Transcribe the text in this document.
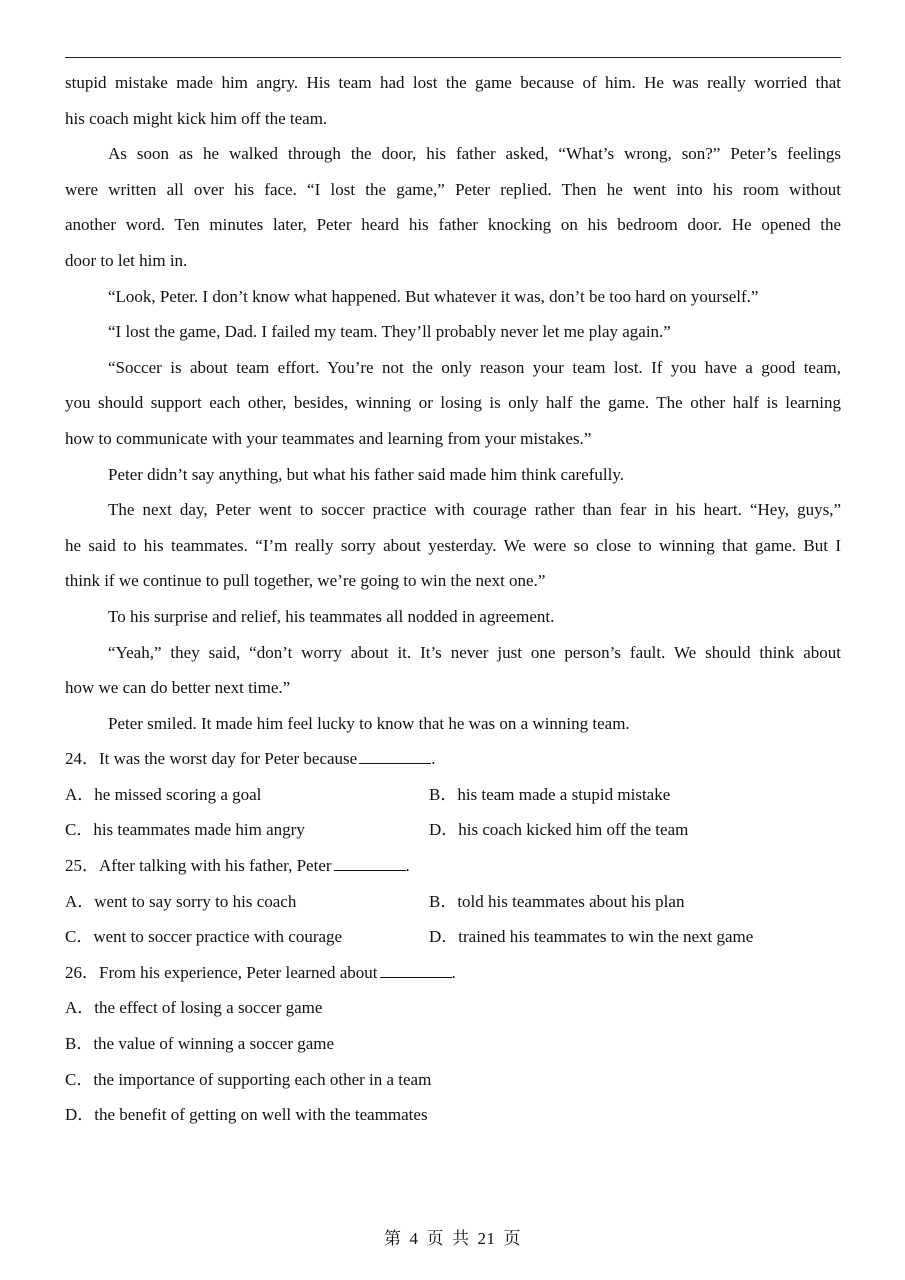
stupid mistake made him angry. His team had lost the game because of him. He was really worried that
his coach might kick him off the team.
As soon as he walked through the door, his father asked, “What’s wrong, son?” Peter’s feelings
were written all over his face. “I lost the game,” Peter replied. Then he went into his room without
another word. Ten minutes later, Peter heard his father knocking on his bedroom door. He opened the
door to let him in.
“Look, Peter. I don’t know what happened. But whatever it was, don’t be too hard on yourself.”
“I lost the game, Dad. I failed my team. They’ll probably never let me play again.”
“Soccer is about team effort. You’re not the only reason your team lost. If you have a good team,
you should support each other, besides, winning or losing is only half the game. The other half is learning
how to communicate with your teammates and learning from your mistakes.”
Peter didn’t say anything, but what his father said made him think carefully.
The next day, Peter went to soccer practice with courage rather than fear in his heart. “Hey, guys,”
he said to his teammates. “I’m really sorry about yesterday. We were so close to winning that game. But I
think if we continue to pull together, we’re going to win the next one.”
To his surprise and relief, his teammates all nodded in agreement.
“Yeah,” they said, “don’t worry about it. It’s never just one person’s fault. We should think about
how we can do better next time.”
Peter smiled. It made him feel lucky to know that he was on a winning team.
24．It was the worst day for Peter because	.
A．he missed scoring a goal	B．his team made a stupid mistake
C．his teammates made him angry	D．his coach kicked him off the team
25．After talking with his father, Peter	.
A．went to say sorry to his coach	B．told his teammates about his plan
C．went to soccer practice with courage	D．trained his teammates to win the next game
26．From his experience, Peter learned about	.
A．the effect of losing a soccer game
B．the value of winning a soccer game
C．the importance of supporting each other in a team
D．the benefit of getting on well with the teammates
第 4 页 共 21 页
